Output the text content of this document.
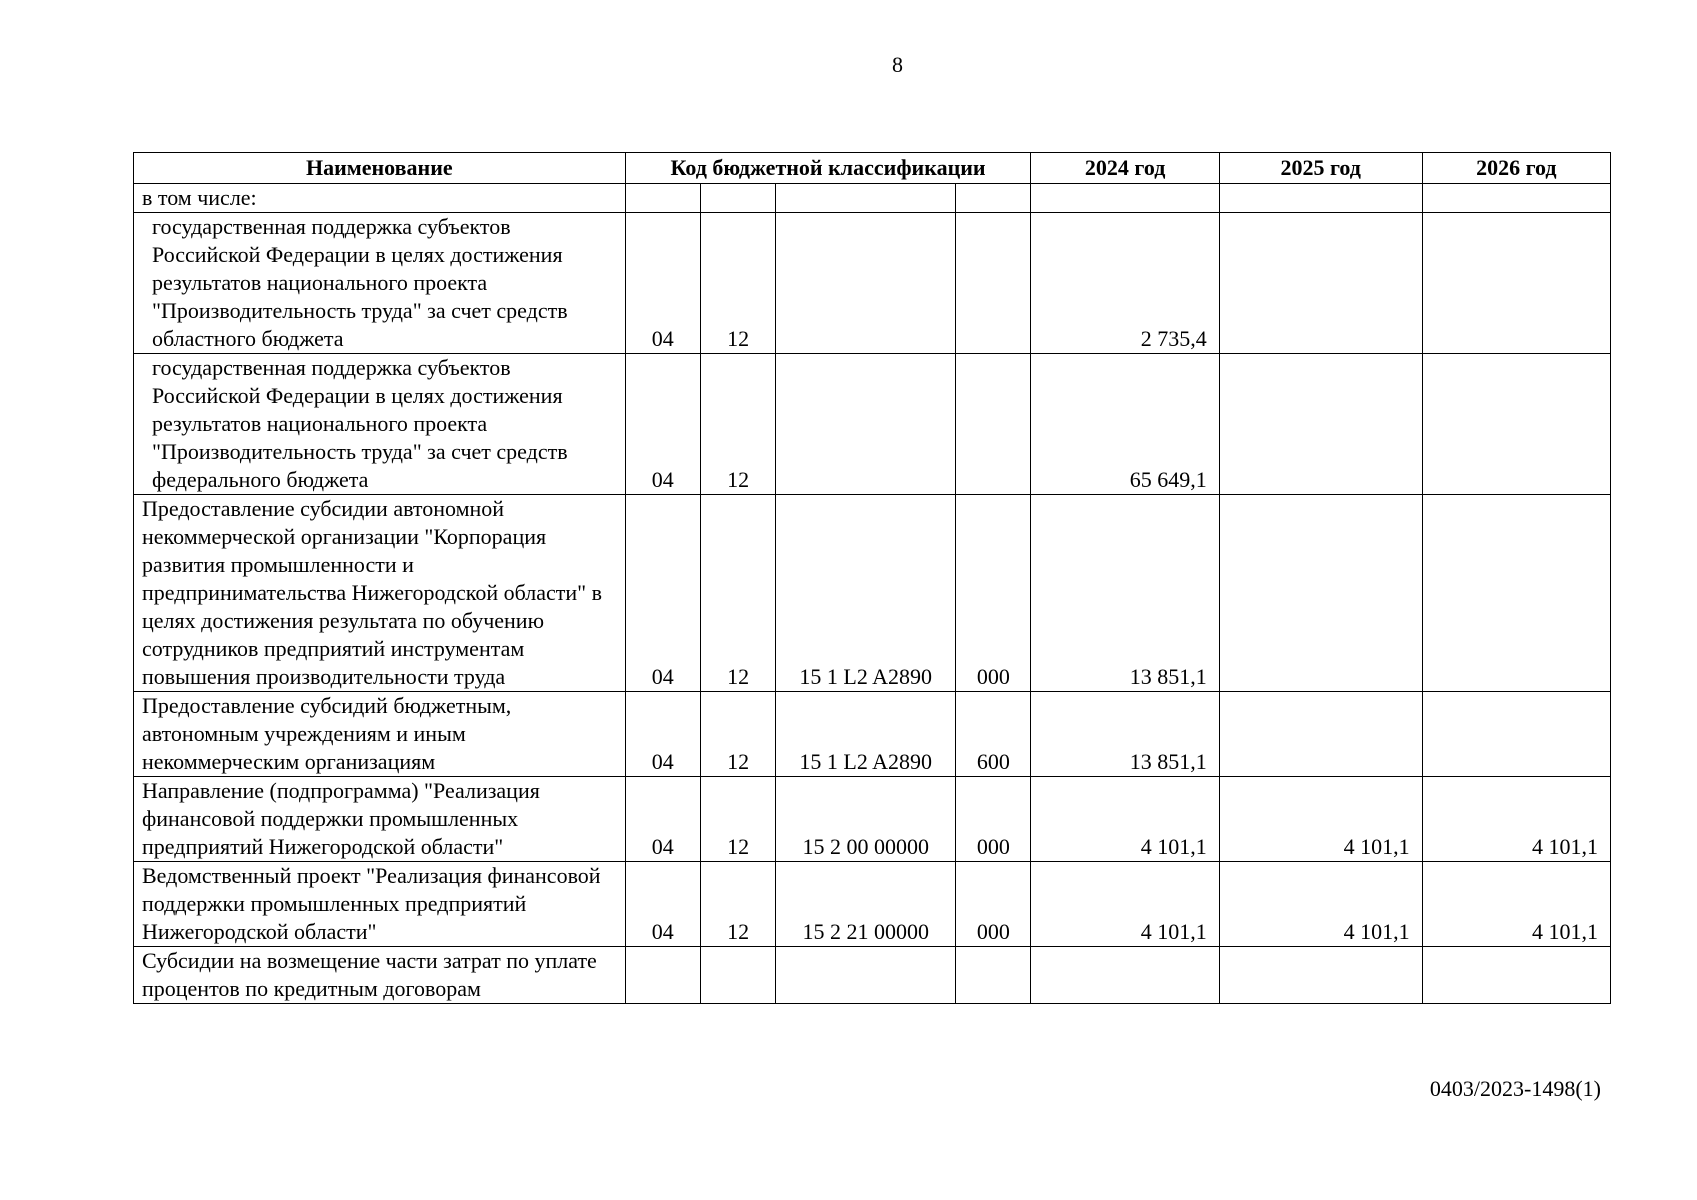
8
Наименование	Код бюджетной классификации				2024 год	2025 год	2026 год
в том числе:							
государственная поддержка субъектов Российской Федерации в целях достижения результатов национального проекта "Производительность труда" за счет средств областного бюджета	04	12			2 735,4		
государственная поддержка субъектов Российской Федерации в целях достижения результатов национального проекта "Производительность труда" за счет средств федерального бюджета	04	12			65 649,1		
Предоставление субсидии автономной некоммерческой организации "Корпорация развития промышленности и предпринимательства Нижегородской области" в целях достижения результата по обучению сотрудников предприятий инструментам повышения производительности труда	04	12	15 1 L2 A2890	000	13 851,1		
Предоставление субсидий бюджетным, автономным учреждениям и иным некоммерческим организациям	04	12	15 1 L2 A2890	600	13 851,1		
Направление (подпрограмма) "Реализация финансовой поддержки промышленных предприятий Нижегородской области"	04	12	15 2 00 00000	000	4 101,1	4 101,1	4 101,1
Ведомственный проект "Реализация финансовой поддержки промышленных предприятий Нижегородской области"	04	12	15 2 21 00000	000	4 101,1	4 101,1	4 101,1
Субсидии на возмещение части затрат по уплате процентов по кредитным договорам							
0403/2023-1498(1)
